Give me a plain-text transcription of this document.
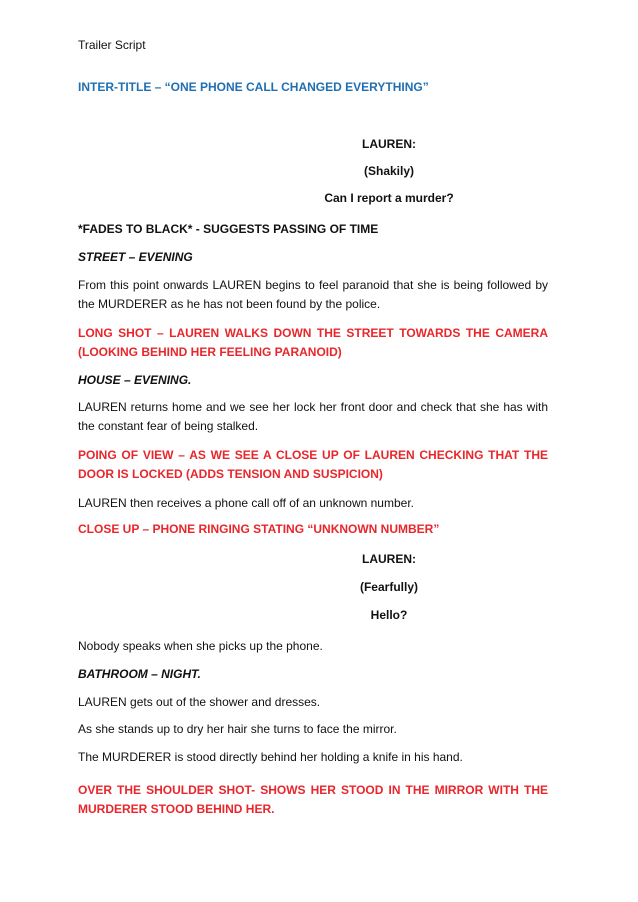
Trailer Script
INTER-TITLE – “ONE PHONE CALL CHANGED EVERYTHING”
LAUREN:
(Shakily)
Can I report a murder?
*FADES TO BLACK* - SUGGESTS PASSING OF TIME
STREET – EVENING
From this point onwards LAUREN begins to feel paranoid that she is being followed by the MURDERER as he has not been found by the police.
LONG SHOT – LAUREN WALKS DOWN THE STREET TOWARDS THE CAMERA (LOOKING BEHIND HER FEELING PARANOID)
HOUSE – EVENING.
LAUREN returns home and we see her lock her front door and check that she has with the constant fear of being stalked.
POING OF VIEW – AS WE SEE A CLOSE UP OF LAUREN CHECKING THAT THE DOOR IS LOCKED (ADDS TENSION AND SUSPICION)
LAUREN then receives a phone call off of an unknown number.
CLOSE UP – PHONE RINGING STATING “UNKNOWN NUMBER”
LAUREN:
(Fearfully)
Hello?
Nobody speaks when she picks up the phone.
BATHROOM – NIGHT.
LAUREN gets out of the shower and dresses.
As she stands up to dry her hair she turns to face the mirror.
The MURDERER is stood directly behind her holding a knife in his hand.
OVER THE SHOULDER SHOT- SHOWS HER STOOD IN THE MIRROR WITH THE MURDERER STOOD BEHIND HER.
